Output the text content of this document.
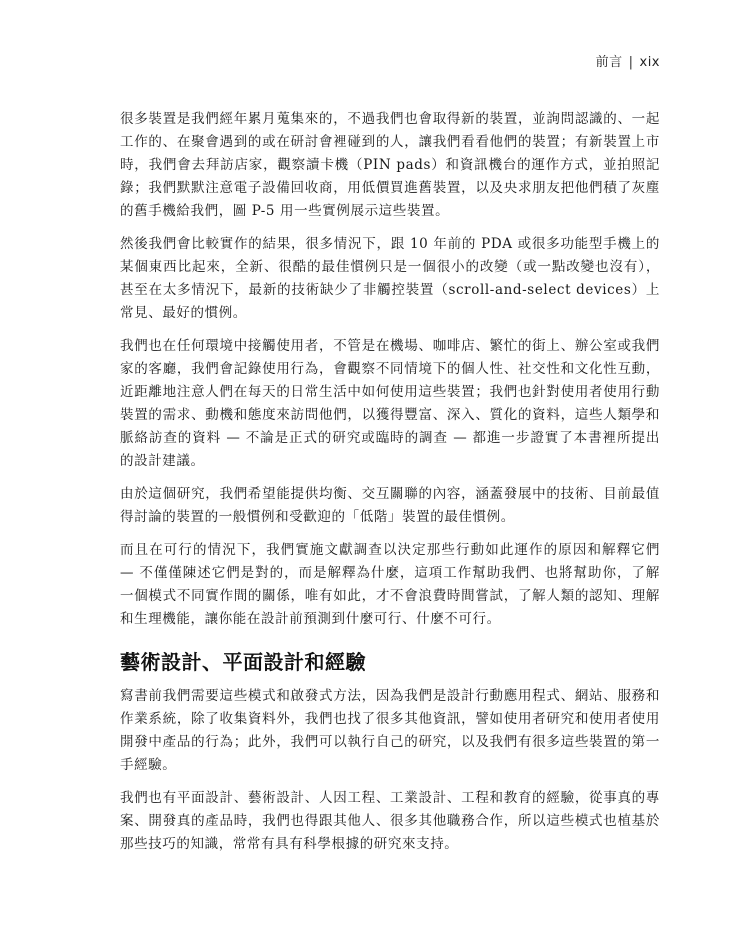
前言 | xix

很多裝置是我們經年累月蒐集來的，不過我們也會取得新的裝置，並詢問認識的、一起工作的、在聚會遇到的或在研討會裡碰到的人，讓我們看看他們的裝置；有新裝置上市時，我們會去拜訪店家，觀察讀卡機（PIN pads）和資訊機台的運作方式，並拍照記錄；我們默默注意電子設備回收商，用低價買進舊裝置，以及央求朋友把他們積了灰塵的舊手機給我們，圖 P-5 用一些實例展示這些裝置。

然後我們會比較實作的結果，很多情況下，跟 10 年前的 PDA 或很多功能型手機上的某個東西比起來，全新、很酷的最佳慣例只是一個很小的改變（或一點改變也沒有），甚至在太多情況下，最新的技術缺少了非觸控裝置（scroll-and-select devices）上常見、最好的慣例。

我們也在任何環境中接觸使用者，不管是在機場、咖啡店、繁忙的街上、辦公室或我們家的客廳，我們會記錄使用行為，會觀察不同情境下的個人性、社交性和文化性互動，近距離地注意人們在每天的日常生活中如何使用這些裝置；我們也針對使用者使用行動裝置的需求、動機和態度來訪問他們，以獲得豐富、深入、質化的資料，這些人類學和脈絡訪查的資料 — 不論是正式的研究或臨時的調查 — 都進一步證實了本書裡所提出的設計建議。

由於這個研究，我們希望能提供均衡、交互關聯的內容，涵蓋發展中的技術、目前最值得討論的裝置的一般慣例和受歡迎的「低階」裝置的最佳慣例。

而且在可行的情況下，我們實施文獻調查以決定那些行動如此運作的原因和解釋它們 — 不僅僅陳述它們是對的，而是解釋為什麼，這項工作幫助我們、也將幫助你，了解一個模式不同實作間的關係，唯有如此，才不會浪費時間嘗試，了解人類的認知、理解和生理機能，讓你能在設計前預測到什麼可行、什麼不可行。

藝術設計、平面設計和經驗

寫書前我們需要這些模式和啟發式方法，因為我們是設計行動應用程式、網站、服務和作業系統，除了收集資料外，我們也找了很多其他資訊，譬如使用者研究和使用者使用開發中產品的行為；此外，我們可以執行自己的研究，以及我們有很多這些裝置的第一手經驗。

我們也有平面設計、藝術設計、人因工程、工業設計、工程和教育的經驗，從事真的專案、開發真的產品時，我們也得跟其他人、很多其他職務合作，所以這些模式也植基於那些技巧的知識，常常有具有科學根據的研究來支持。
